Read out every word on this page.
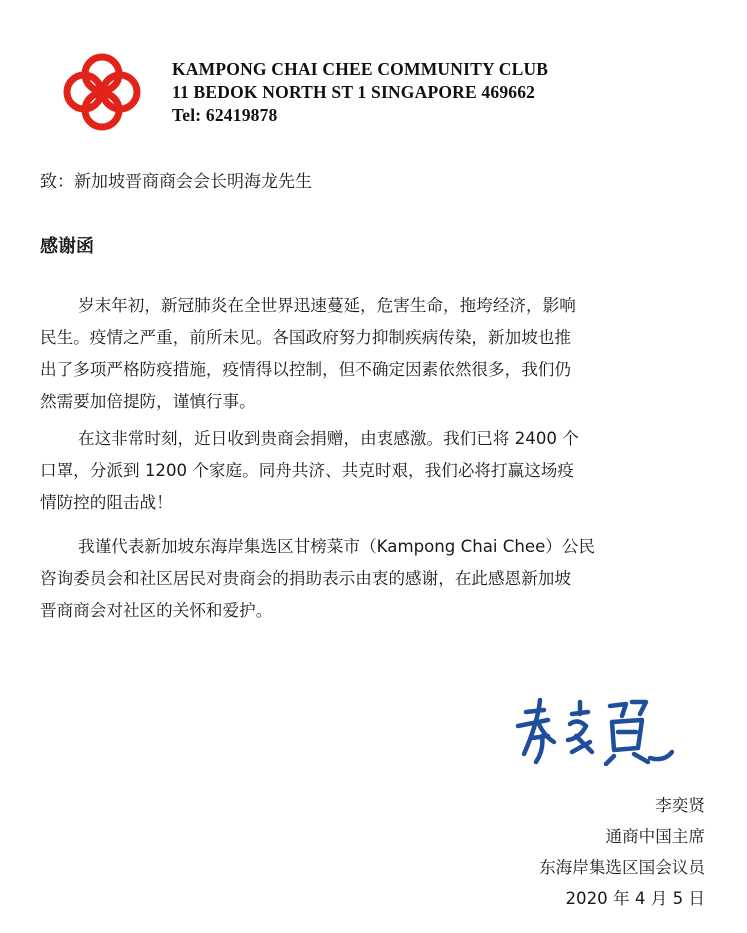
KAMPONG CHAI CHEE COMMUNITY CLUB
11 BEDOK NORTH ST 1 SINGAPORE 469662
Tel: 62419878
致：新加坡晋商商会会长明海龙先生
感谢函
岁末年初，新冠肺炎在全世界迅速蔓延，危害生命，拖垮经济，影响
民生。疫情之严重，前所未见。各国政府努力抑制疾病传染，新加坡也推
出了多项严格防疫措施，疫情得以控制，但不确定因素依然很多，我们仍
然需要加倍提防，谨慎行事。
在这非常时刻，近日收到贵商会捐赠，由衷感激。我们已将 2400 个
口罩，分派到 1200 个家庭。同舟共济、共克时艰，我们必将打赢这场疫
情防控的阻击战！
我谨代表新加坡东海岸集选区甘榜菜市（Kampong Chai Chee）公民
咨询委员会和社区居民对贵商会的捐助表示由衷的感谢，在此感恩新加坡
晋商商会对社区的关怀和爱护。
李奕贤
通商中国主席
东海岸集选区国会议员
2020 年 4 月 5 日
